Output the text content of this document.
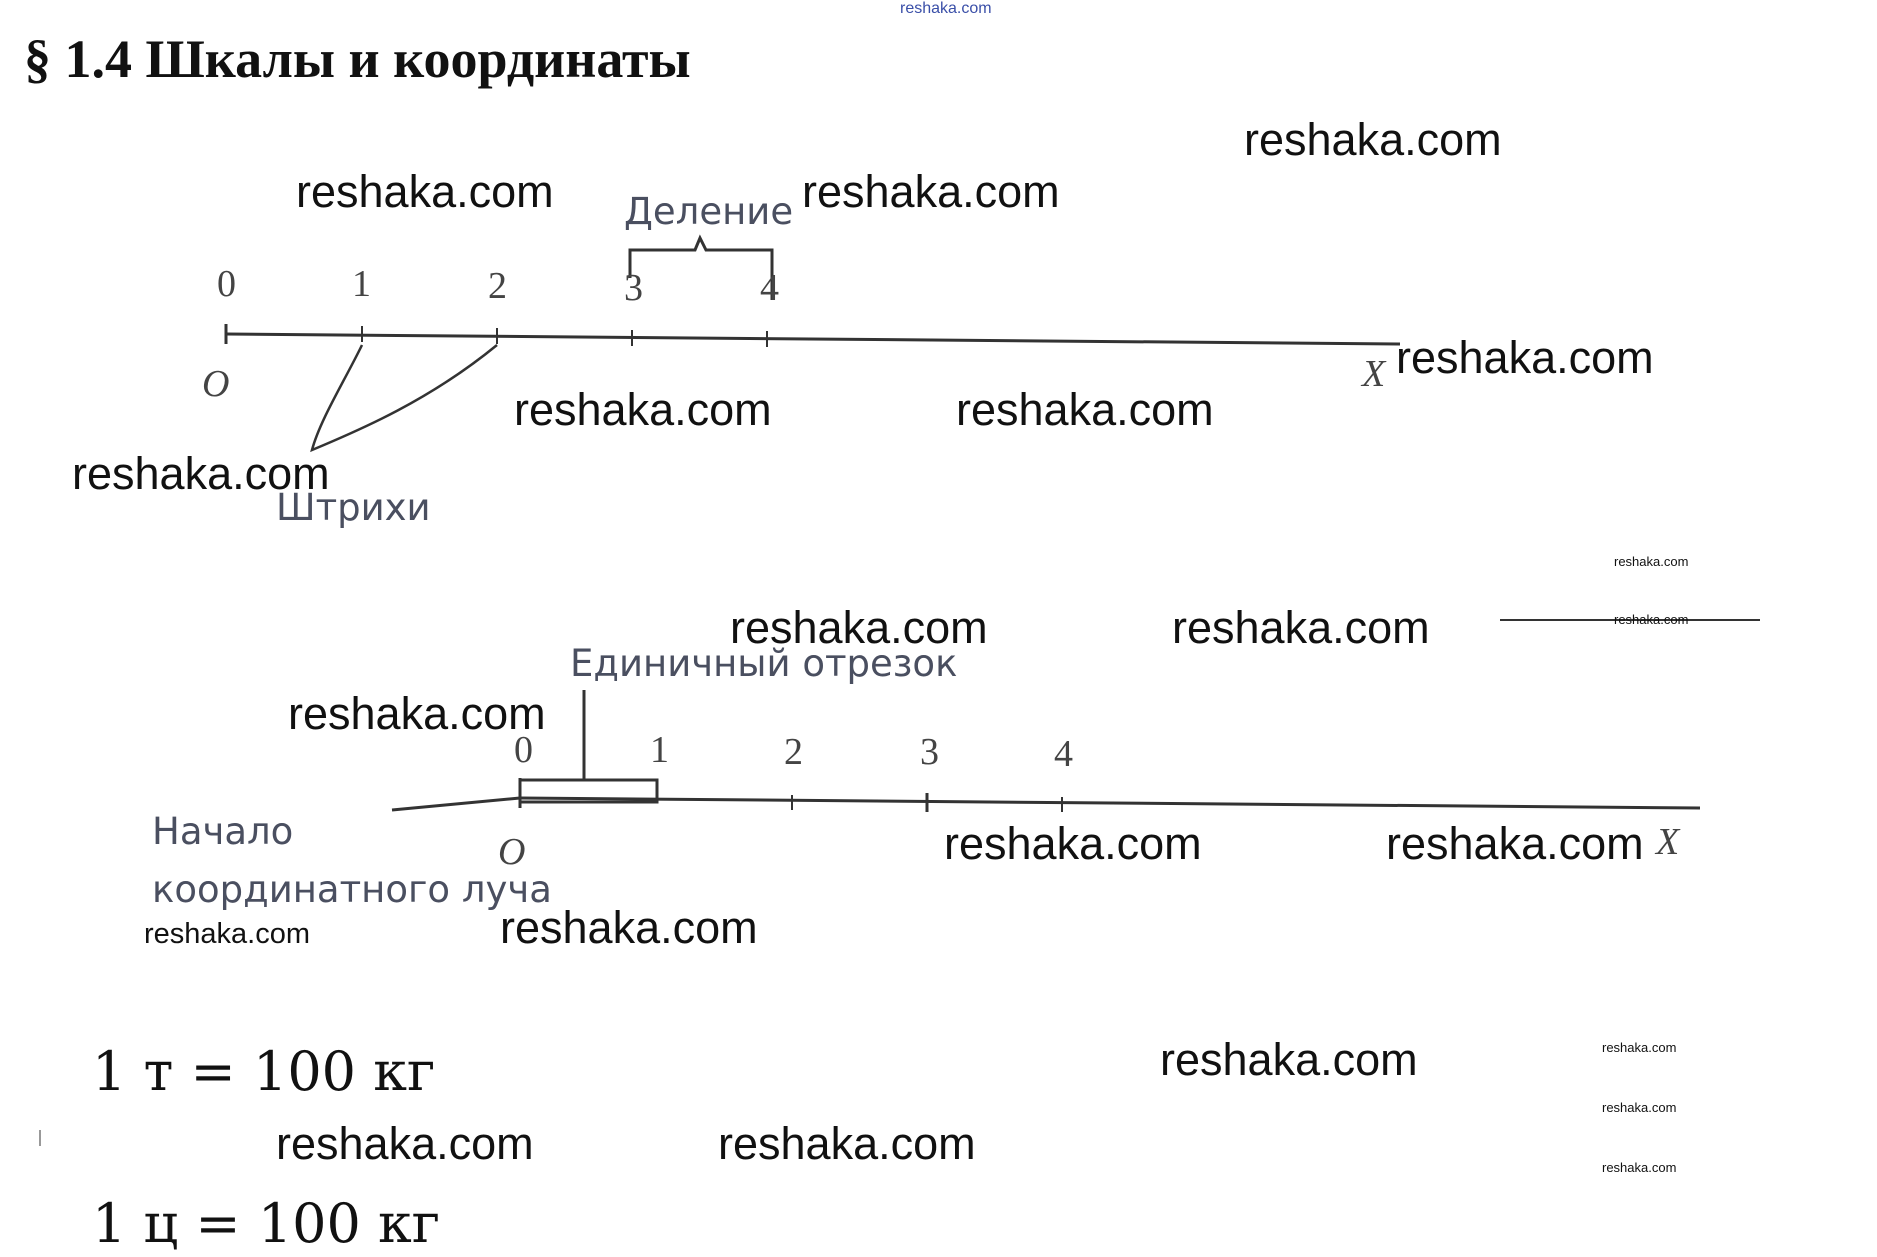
reshaka.com
§ 1.4 Шкалы и координаты
Деление
0	1	2	3	4
O	X
Штрихи
Единичный отрезок
0	1	2	3	4
Начало
координатного луча
O	X
1 т = 100 кг
1 ц = 100 кг
reshaka.com
reshaka.com	reshaka.com
reshaka.com
reshaka.com	reshaka.com
reshaka.com
reshaka.com
reshaka.com
reshaka.com	reshaka.com
reshaka.com
reshaka.com	reshaka.com
reshaka.com	reshaka.com
reshaka.com	reshaka.com
reshaka.com
reshaka.com
reshaka.com	reshaka.com
